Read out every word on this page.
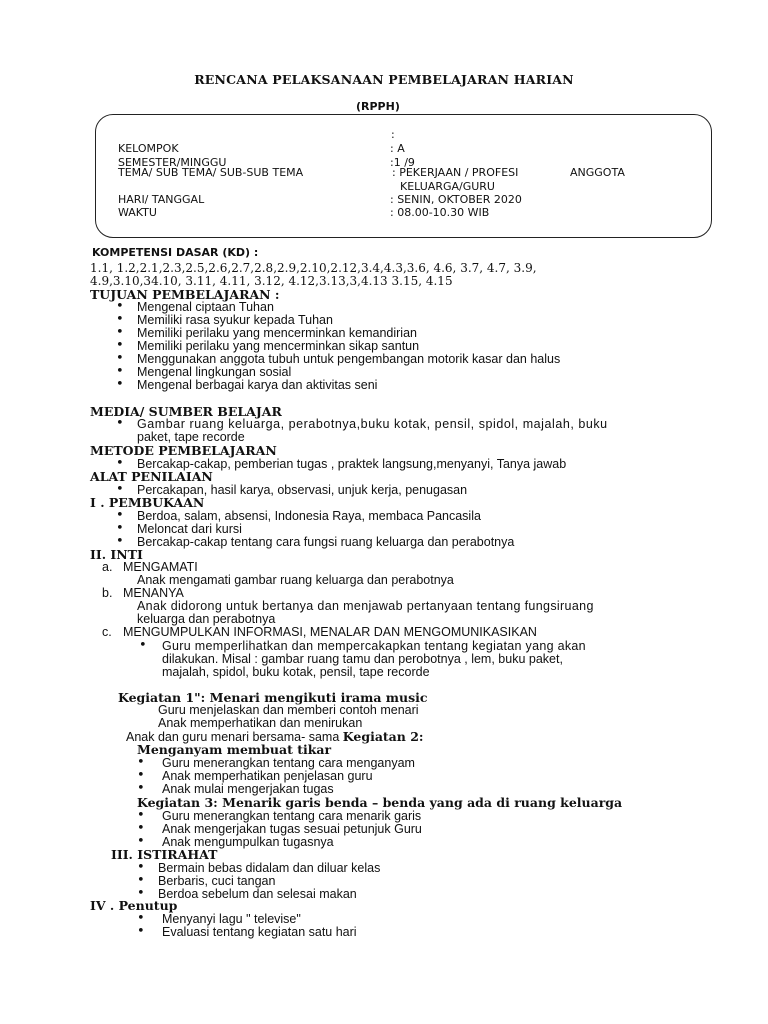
RENCANA PELAKSANAAN PEMBELAJARAN HARIAN
(RPPH)
:
KELOMPOK	: A
SEMESTER/MINGGU	:1 /9
TEMA/ SUB TEMA/ SUB-SUB TEMA	: PEKERJAAN / PROFESI	ANGGOTA
KELUARGA/GURU
HARI/ TANGGAL	: SENIN, OKTOBER 2020
WAKTU	: 08.00-10.30 WIB
KOMPETENSI DASAR (KD) :
1.1, 1.2,2.1,2.3,2.5,2.6,2.7,2.8,2.9,2.10,2.12,3.4,4.3,3.6, 4.6, 3.7, 4.7, 3.9,
4.9,3.10,34.10, 3.11, 4.11, 3.12, 4.12,3.13,3,4.13 3.15, 4.15
TUJUAN PEMBELAJARAN :
• Mengenal ciptaan Tuhan
• Memiliki rasa syukur kepada Tuhan
• Memiliki perilaku yang mencerminkan kemandirian
• Memiliki perilaku yang mencerminkan sikap santun
• Menggunakan anggota tubuh untuk pengembangan motorik kasar dan halus
• Mengenal lingkungan sosial
• Mengenal berbagai karya dan aktivitas seni
MEDIA/ SUMBER BELAJAR
• Gambar ruang keluarga, perabotnya,buku kotak, pensil, spidol, majalah, buku
paket, tape recorde
METODE PEMBELAJARAN
• Bercakap-cakap, pemberian tugas , praktek langsung,menyanyi, Tanya jawab
ALAT PENILAIAN
• Percakapan, hasil karya, observasi, unjuk kerja, penugasan
I . PEMBUKAAN
• Berdoa, salam, absensi, Indonesia Raya, membaca Pancasila
• Meloncat dari kursi
• Bercakap-cakap tentang cara fungsi ruang keluarga dan perabotnya
II. INTI
a. MENGAMATI
Anak mengamati gambar ruang keluarga dan perabotnya
b. MENANYA
Anak didorong untuk bertanya dan menjawab pertanyaan tentang fungsiruang
keluarga dan perabotnya
c. MENGUMPULKAN INFORMASI, MENALAR DAN MENGOMUNIKASIKAN
• Guru memperlihatkan dan mempercakapkan tentang kegiatan yang akan
dilakukan. Misal : gambar ruang tamu dan perobotnya , lem, buku paket,
majalah, spidol, buku kotak, pensil, tape recorde
Kegiatan 1": Menari mengikuti irama music
Guru menjelaskan dan memberi contoh menari
Anak memperhatikan dan menirukan
Anak dan guru menari bersama- sama Kegiatan 2:
Menganyam membuat tikar
• Guru menerangkan tentang cara menganyam
• Anak memperhatikan penjelasan guru
• Anak mulai mengerjakan tugas
Kegiatan 3: Menarik garis benda – benda yang ada di ruang keluarga
• Guru menerangkan tentang cara menarik garis
• Anak mengerjakan tugas sesuai petunjuk Guru
• Anak mengumpulkan tugasnya
III. ISTIRAHAT
• Bermain bebas didalam dan diluar kelas
• Berbaris, cuci tangan
• Berdoa sebelum dan selesai makan
IV . Penutup
• Menyanyi lagu " televise"
• Evaluasi tentang kegiatan satu hari
